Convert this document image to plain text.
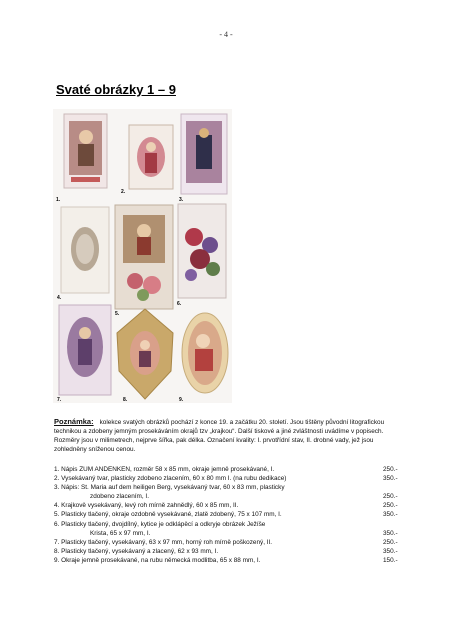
- 4 -
Svaté obrázky 1 – 9
1.
2.
3.
4.
5.
6.
7.	8.	9.
Poznámka: kolekce svatých obrázků pochází z konce 19. a začátku 20. století. Jsou tištěny původní litografickou technikou a zdobeny jemným prosekáváním okrajů tzv „krajkou“. Další tiskové a jiné zvláštnosti uvádíme v popisech. Rozměry jsou v milimetrech, nejprve šířka, pak délka. Označení kvality: I. prvotřídní stav, II. drobné vady, jež jsou zohledněny sníženou cenou.
1. Nápis ZUM ANDENKEN, rozměr 58 x 85 mm, okraje jemně prosekávané, I.	250.-
2. Vysekávaný tvar, plasticky zdobeno zlacením, 60 x 80 mm I. (na rubu dedikace)	350.-
3. Nápis: St. Maria auf dem heiligen Berg, vysekávaný tvar, 60 x 83 mm, plasticky
zdobeno zlacením, I.	250.-
4. Krajkově vysekávaný, levý roh mírně zahnědlý, 60 x 85 mm, II.	250.-
5. Plasticky tlačený, okraje ozdobně vysekávané, zlatě zdobený, 75 x 107 mm, I.	350.-
6. Plasticky tlačený, dvojdílný, kytice je odklápěcí a odkryje obrázek Ježíše
Krista, 65 x 97 mm, I.	350.-
7. Plasticky tlačený, vysekávaný, 63 x 97 mm, horný roh mírně poškozený, II.	250.-
8. Plasticky tlačený, vysekávaný a zlacený, 62 x 93 mm, I.	350.-
9. Okraje jemně prosekávané, na rubu německá modlitba, 65 x 88 mm, I.	150.-
